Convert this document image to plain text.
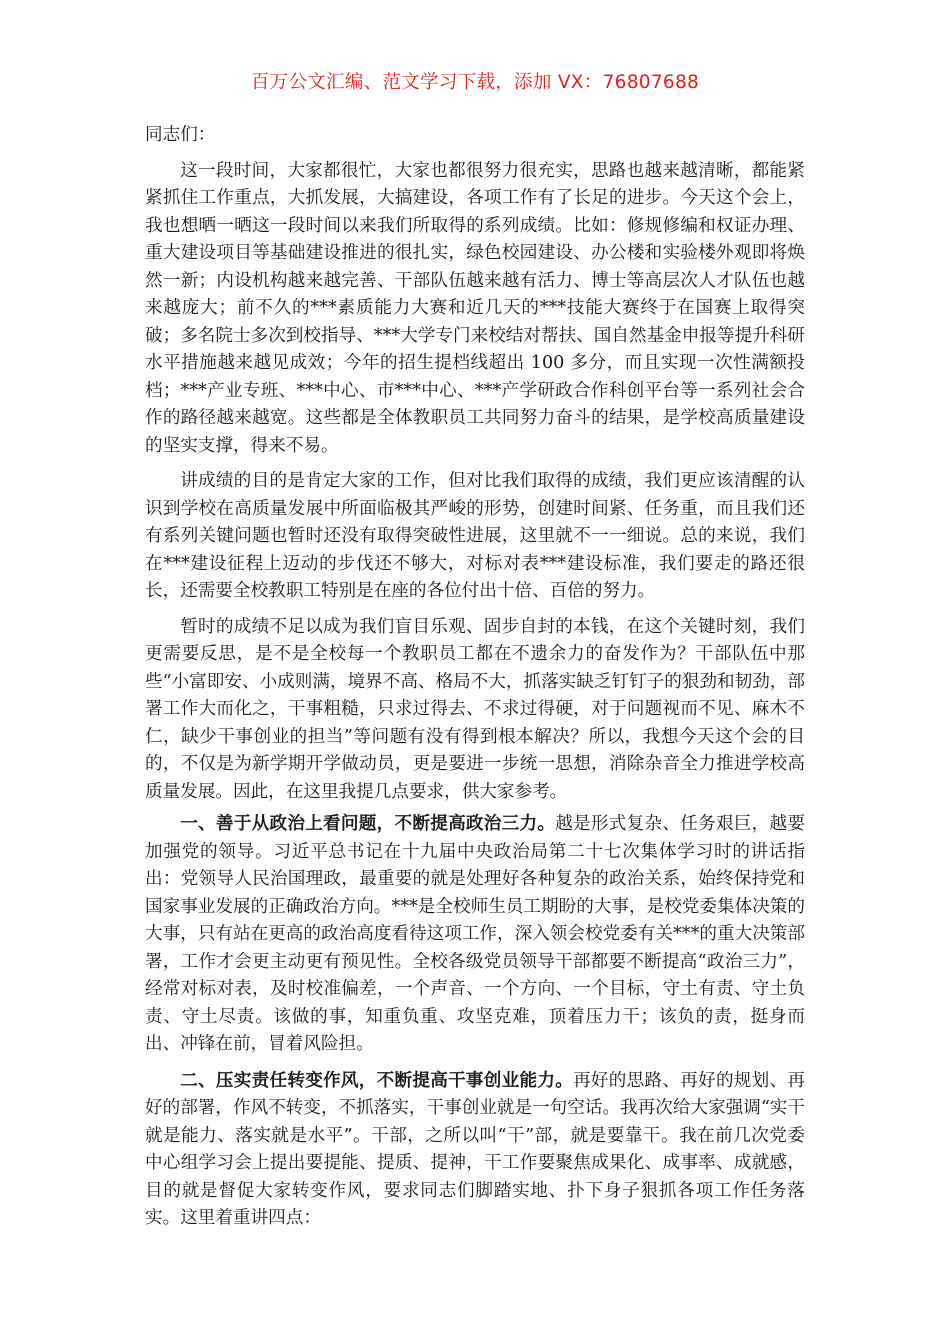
百万公文汇编、范文学习下载，添加 VX：76807688

同志们：

这一段时间，大家都很忙，大家也都很努力很充实，思路也越来越清晰，都能紧紧抓住工作重点，大抓发展，大搞建设，各项工作有了长足的进步。今天这个会上，我也想晒一晒这一段时间以来我们所取得的系列成绩。比如：修规修编和权证办理、重大建设项目等基础建设推进的很扎实，绿色校园建设、办公楼和实验楼外观即将焕然一新；内设机构越来越完善、干部队伍越来越有活力、博士等高层次人才队伍也越来越庞大；前不久的***素质能力大赛和近几天的***技能大赛终于在国赛上取得突破；多名院士多次到校指导、***大学专门来校结对帮扶、国自然基金申报等提升科研水平措施越来越见成效；今年的招生提档线超出 100 多分，而且实现一次性满额投档；***产业专班、***中心、市***中心、***产学研政合作科创平台等一系列社会合作的路径越来越宽。这些都是全体教职员工共同努力奋斗的结果，是学校高质量建设的坚实支撑，得来不易。

讲成绩的目的是肯定大家的工作，但对比我们取得的成绩，我们更应该清醒的认识到学校在高质量发展中所面临极其严峻的形势，创建时间紧、任务重，而且我们还有系列关键问题也暂时还没有取得突破性进展，这里就不一一细说。总的来说，我们在***建设征程上迈动的步伐还不够大，对标对表***建设标准，我们要走的路还很长，还需要全校教职工特别是在座的各位付出十倍、百倍的努力。

暂时的成绩不足以成为我们盲目乐观、固步自封的本钱，在这个关键时刻，我们更需要反思，是不是全校每一个教职员工都在不遗余力的奋发作为？干部队伍中那些“小富即安、小成则满，境界不高、格局不大，抓落实缺乏钉钉子的狠劲和韧劲，部署工作大而化之，干事粗糙，只求过得去、不求过得硬，对于问题视而不见、麻木不仁，缺少干事创业的担当”等问题有没有得到根本解决？所以，我想今天这个会的目的，不仅是为新学期开学做动员，更是要进一步统一思想，消除杂音全力推进学校高质量发展。因此，在这里我提几点要求，供大家参考。

一、善于从政治上看问题，不断提高政治三力。越是形式复杂、任务艰巨，越要加强党的领导。习近平总书记在十九届中央政治局第二十七次集体学习时的讲话指出：党领导人民治国理政，最重要的就是处理好各种复杂的政治关系，始终保持党和国家事业发展的正确政治方向。***是全校师生员工期盼的大事，是校党委集体决策的大事，只有站在更高的政治高度看待这项工作，深入领会校党委有关***的重大决策部署，工作才会更主动更有预见性。全校各级党员领导干部都要不断提高“政治三力”，经常对标对表，及时校准偏差，一个声音、一个方向、一个目标，守土有责、守土负责、守土尽责。该做的事，知重负重、攻坚克难，顶着压力干；该负的责，挺身而出、冲锋在前，冒着风险担。

二、压实责任转变作风，不断提高干事创业能力。再好的思路、再好的规划、再好的部署，作风不转变，不抓落实，干事创业就是一句空话。我再次给大家强调“实干就是能力、落实就是水平”。干部，之所以叫“干”部，就是要靠干。我在前几次党委中心组学习会上提出要提能、提质、提神，干工作要聚焦成果化、成事率、成就感，目的就是督促大家转变作风，要求同志们脚踏实地、扑下身子狠抓各项工作任务落实。这里着重讲四点：
